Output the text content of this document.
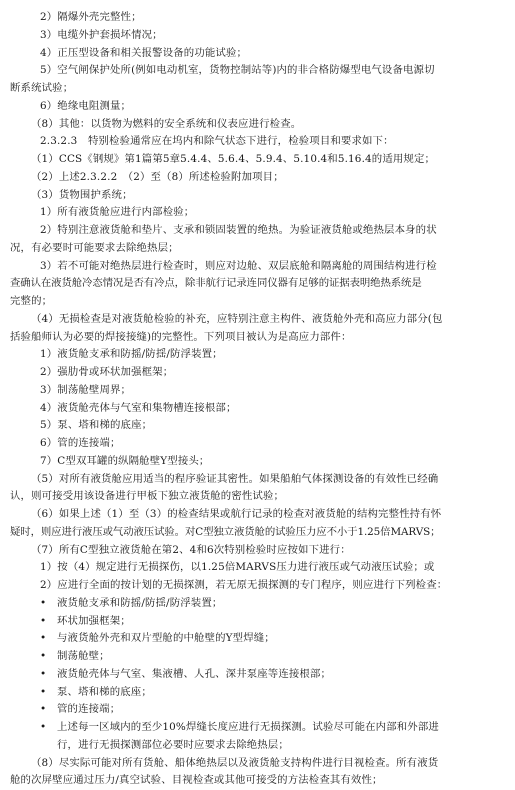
2）隔爆外壳完整性；
3）电缆外护套损坏情况；
4）正压型设备和相关报警设备的功能试验；
5）空气闸保护处所(例如电动机室，货物控制站等)内的非合格防爆型电气设备电源切
断系统试验；
6）绝缘电阻测量；
（8）其他：以货物为燃料的安全系统和仪表应进行检查。
2.3.2.3　特别检验通常应在坞内和除气状态下进行，检验项目和要求如下：
（1）CCS《钢规》第1篇第5章5.4.4、5.6.4、5.9.4、5.10.4和5.16.4的适用规定；
（2）上述2.3.2.2　（2）至（8）所述检验附加项目；
（3）货物围护系统；
1）所有液货舱应进行内部检验；
2）特别注意液货舱和垫片、支承和锁固装置的绝热。为验证液货舱或绝热层本身的状
况，有必要时可能要求去除绝热层；
3）若不可能对绝热层进行检查时，则应对边舱、双层底舱和隔离舱的周围结构进行检
查确认在液货舱冷态情况是否有冷点，除非航行记录连同仪器有足够的证据表明绝热系统是
完整的；
（4）无损检查是对液货舱检验的补充，应特别注意主构件、液货舱外壳和高应力部分(包
括验船师认为必要的焊接接缝)的完整性。下列项目被认为是高应力部件：
1）液货舱支承和防摇/防揺/防浮装置；
2）强肋骨或环状加强框架；
3）制荡舱壁周界；
4）液货舱壳体与气室和集物槽连接根部；
5）泵、塔和梯的底座；
6）管的连接端；
7）C型双耳罐的纵隔舱壁Y型接头；
（5）对所有液货舱应用适当的程序验证其密性。如果船舶气体探测设备的有效性已经确
认，则可接受用该设备进行甲板下独立液货舱的密性试验；
（6）如果上述（1）至（3）的检查结果或航行记录的检查对液货舱的结构完整性持有怀
疑时，则应进行液压或气动液压试验。对C型独立液货舱的试验压力应不小于1.25倍MARVS；
（7）所有C型独立液货舱在第2、4和6次特别检验时应按如下进行：
1）按（4）规定进行无损探伤，以1.25倍MARVS压力进行液压或气动液压试验；或
2）应进行全面的按计划的无损探测，若无原无损探测的专门程序，则应进行下列检查：
• 液货舱支承和防摇/防揺/防浮装置；
• 环状加强框架；
• 与液货舱外壳和双片型舱的中舱壁的Y型焊缝；
• 制荡舱壁；
• 液货舱壳体与气室、集液槽、人孔、深井泵座等连接根部；
• 泵、塔和梯的底座；
• 管的连接端；
• 上述每一区域内的至少10%焊缝长度应进行无损探测。试验尽可能在内部和外部进
行，进行无损探测部位必要时应要求去除绝热层；
（8）尽实际可能对所有货舱、船体绝热层以及液货舱支持构件进行目视检查。所有液货
舱的次屏壁应通过压力/真空试验、目视检查或其他可接受的方法检查其有效性；
